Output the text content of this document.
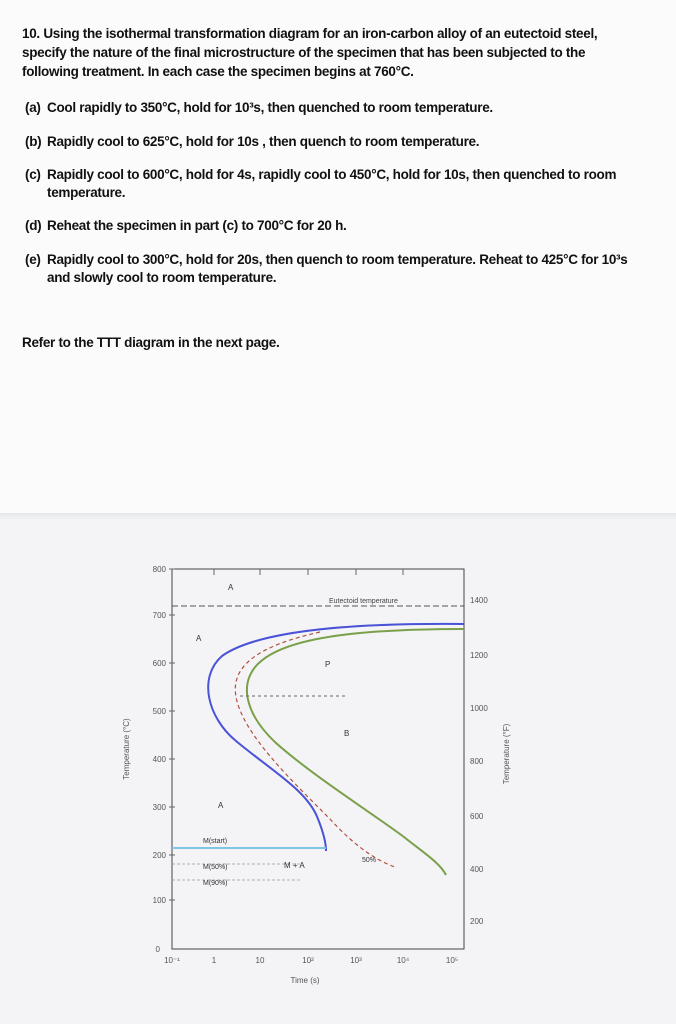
10. Using the isothermal transformation diagram for an iron-carbon alloy of an eutectoid steel, specify the nature of the final microstructure of the specimen that has been subjected to the following treatment. In each case the specimen begins at 760°C.
(a) Cool rapidly to 350°C, hold for 10³s, then quenched to room temperature.
(b) Rapidly cool to 625°C, hold for 10s , then quench to room temperature.
(c) Rapidly cool to 600°C, hold for 4s, rapidly cool to 450°C, hold for 10s, then quenched to room temperature.
(d) Reheat the specimen in part (c) to 700°C for 20 h.
(e) Rapidly cool to 300°C, hold for 20s, then quench to room temperature. Reheat to 425°C for 10³s and slowly cool to room temperature.
Refer to the TTT diagram in the next page.
800
700
600
500
400
300
200
100
0
1400
1200
1000
800
600
400
200
10⁻¹	1	10	10²	10³	10⁴	10⁵
Temperature (°C)	Temperature (°F)
Time (s)
Eutectoid temperature
A
A
P
B
A
M + A
50%
M(start)
M(50%)
M(90%)
